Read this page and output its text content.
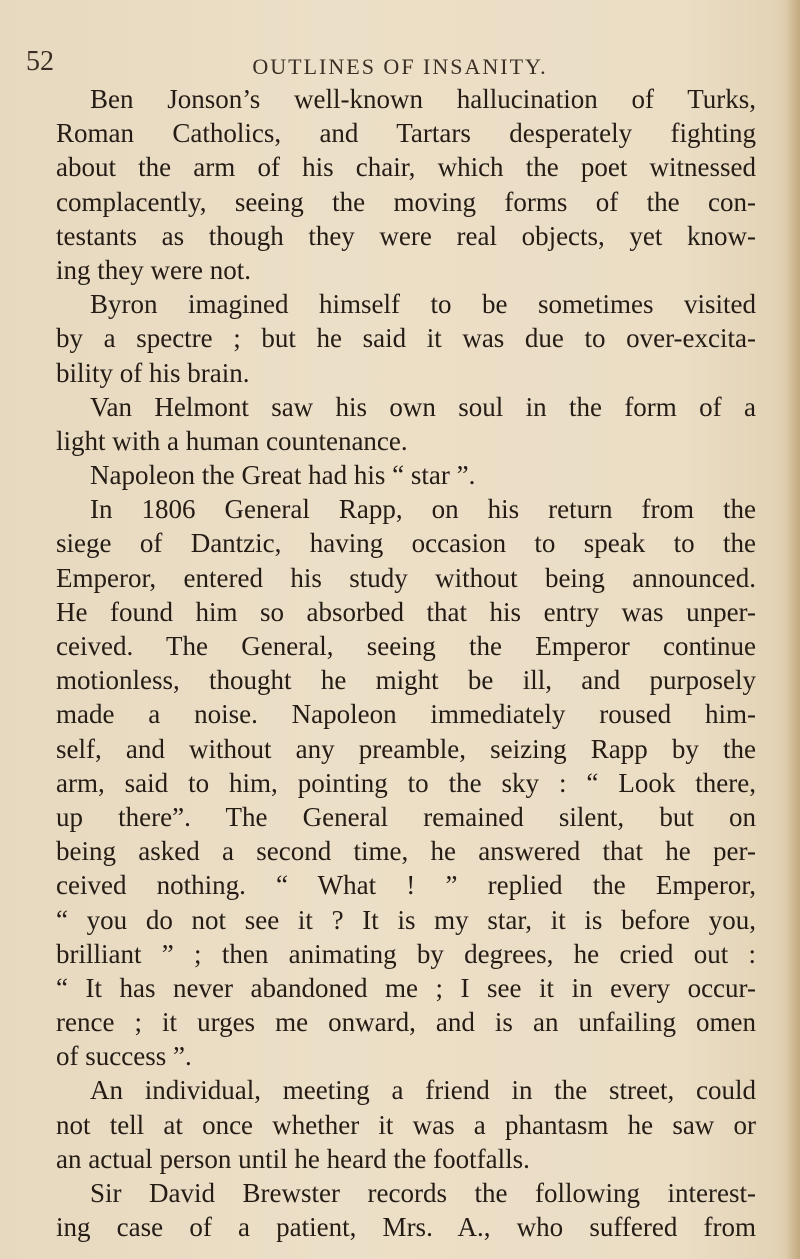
52	OUTLINES OF INSANITY.
Ben Jonson’s well-known hallucination of Turks,
Roman Catholics, and Tartars desperately fighting
about the arm of his chair, which the poet witnessed
complacently, seeing the moving forms of the con-
testants as though they were real objects, yet know-
ing they were not.
Byron imagined himself to be sometimes visited
by a spectre ; but he said it was due to over-excita-
bility of his brain.
Van Helmont saw his own soul in the form of a
light with a human countenance.
Napoleon the Great had his “ star ”.
In 1806 General Rapp, on his return from the
siege of Dantzic, having occasion to speak to the
Emperor, entered his study without being announced.
He found him so absorbed that his entry was unper-
ceived. The General, seeing the Emperor continue
motionless, thought he might be ill, and purposely
made a noise. Napoleon immediately roused him-
self, and without any preamble, seizing Rapp by the
arm, said to him, pointing to the sky : “ Look there,
up there”. The General remained silent, but on
being asked a second time, he answered that he per-
ceived nothing. “ What ! ” replied the Emperor,
“ you do not see it ? It is my star, it is before you,
brilliant ” ; then animating by degrees, he cried out :
“ It has never abandoned me ; I see it in every occur-
rence ; it urges me onward, and is an unfailing omen
of success ”.
An individual, meeting a friend in the street, could
not tell at once whether it was a phantasm he saw or
an actual person until he heard the footfalls.
Sir David Brewster records the following interest-
ing case of a patient, Mrs. A., who suffered from
